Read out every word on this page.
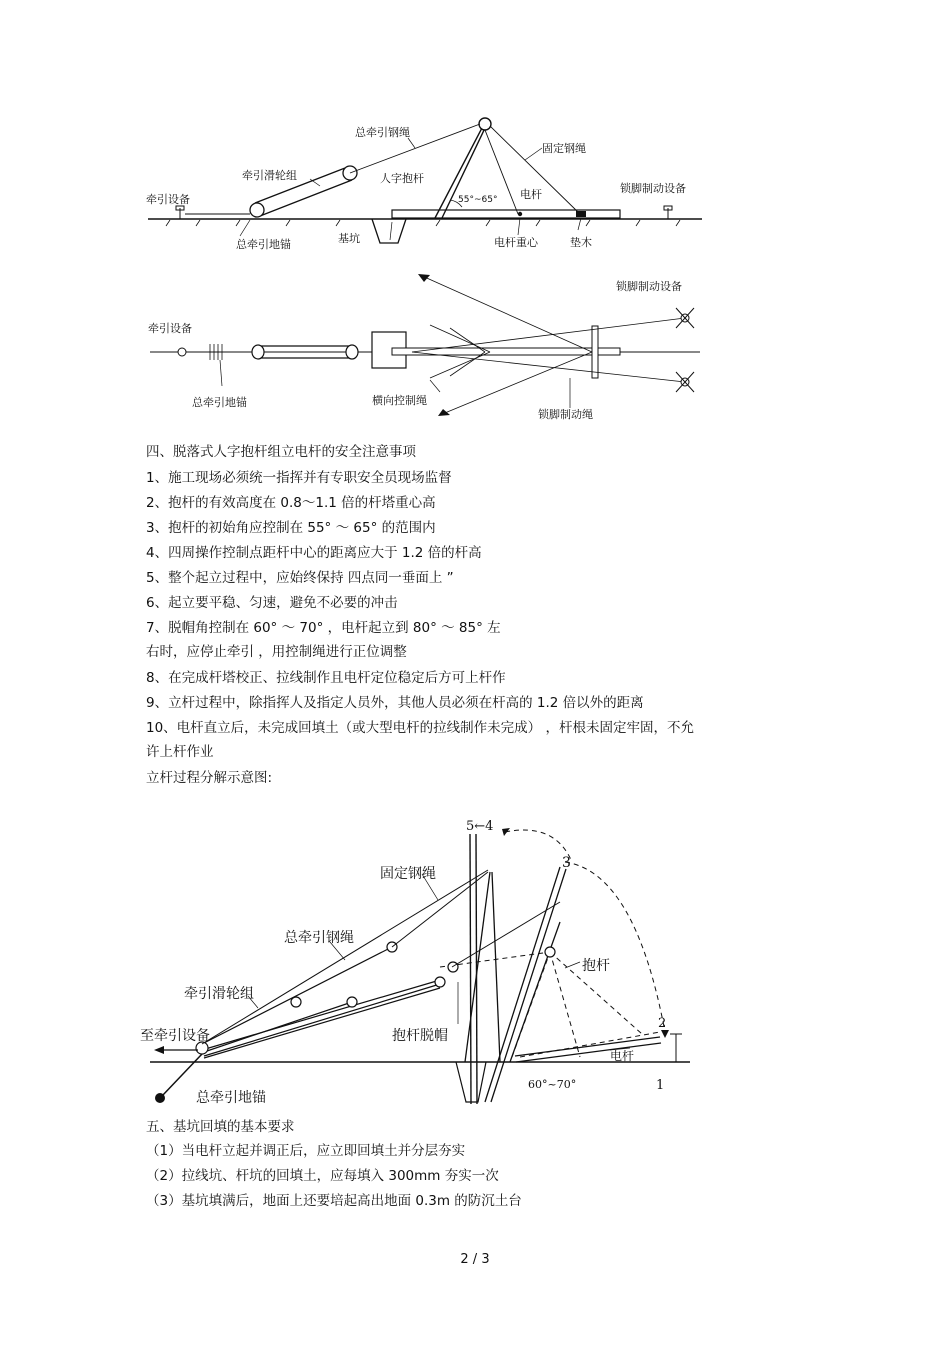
总牵引钢绳
固定钢绳
牵引滑轮组	人字抱杆
55°~65° 电杆
牵引设备
锁脚制动设备
总牵引地锚	基坑	电杆重心	垫木
锁脚制动设备
牵引设备
总牵引地锚	横向控制绳
锁脚制动绳
四、脱落式人字抱杆组立电杆的安全注意事项
1、施工现场必须统一指挥并有专职安全员现场监督
2、抱杆的有效高度在 0.8～1.1 倍的杆塔重心高
3、抱杆的初始角应控制在 55° ～ 65° 的范围内
4、四周操作控制点距杆中心的距离应大于 1.2 倍的杆高
5、整个起立过程中，应始终保持 四点同一垂面上 ”
6、起立要平稳、匀速，避免不必要的冲击
7、脱帽角控制在 60° ～ 70° ，电杆起立到 80° ～ 85° 左
右时，应停止牵引 ，用控制绳进行正位调整
8、在完成杆塔校正、拉线制作且电杆定位稳定后方可上杆作
9、立杆过程中，除指挥人及指定人员外，其他人员必须在杆高的 1.2 倍以外的距离
10、电杆直立后，未完成回填土（或大型电杆的拉线制作未完成） ，杆根未固定牢固，不允
许上杆作业
立杆过程分解示意图:
5←4
3
2
1
固定钢绳
总牵引钢绳
抱杆
牵引滑轮组
至牵引设备	抱杆脱帽
电杆
总牵引地锚
60°~70°
五、基坑回填的基本要求
（1）当电杆立起并调正后，应立即回填土并分层夯实
（2）拉线坑、杆坑的回填土，应每填入 300mm 夯实一次
（3）基坑填满后，地面上还要培起高出地面 0.3m 的防沉土台
2 / 3
